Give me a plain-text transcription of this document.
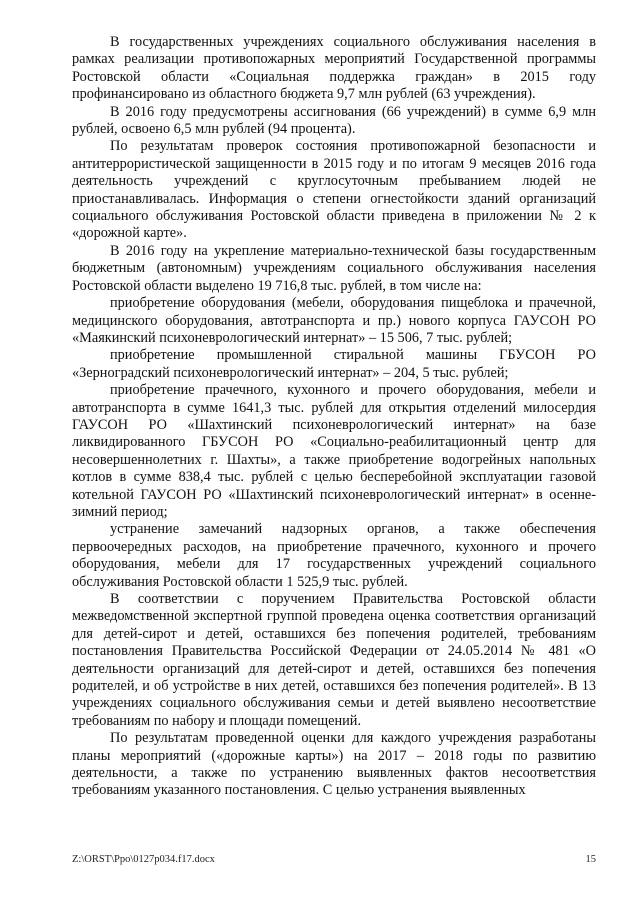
В государственных учреждениях социального обслуживания населения в рамках реализации противопожарных мероприятий Государственной программы Ростовской области «Социальная поддержка граждан» в 2015 году профинансировано из областного бюджета 9,7 млн рублей (63 учреждения).

В 2016 году предусмотрены ассигнования (66 учреждений) в сумме 6,9 млн рублей, освоено 6,5 млн рублей (94 процента).

По результатам проверок состояния противопожарной безопасности и антитеррористической защищенности в 2015 году и по итогам 9 месяцев 2016 года деятельность учреждений с круглосуточным пребыванием людей не приостанавливалась. Информация о степени огнестойкости зданий организаций социального обслуживания Ростовской области приведена в приложении № 2 к «дорожной карте».

В 2016 году на укрепление материально-технической базы государственным бюджетным (автономным) учреждениям социального обслуживания населения Ростовской области выделено 19 716,8 тыс. рублей, в том числе на:

приобретение оборудования (мебели, оборудования пищеблока и прачечной, медицинского оборудования, автотранспорта и пр.) нового корпуса ГАУСОН РО «Маякинский психоневрологический интернат» – 15 506, 7 тыс. рублей;

приобретение промышленной стиральной машины ГБУСОН РО «Зерноградский психоневрологический интернат» – 204, 5 тыс. рублей;

приобретение прачечного, кухонного и прочего оборудования, мебели и автотранспорта в сумме 1641,3 тыс. рублей для открытия отделений милосердия ГАУСОН РО «Шахтинский психоневрологический интернат» на базе ликвидированного ГБУСОН РО «Социально-реабилитационный центр для несовершеннолетних г. Шахты», а также приобретение водогрейных напольных котлов в сумме 838,4 тыс. рублей с целью бесперебойной эксплуатации газовой котельной ГАУСОН РО «Шахтинский психоневрологический интернат» в осенне-зимний период;

устранение замечаний надзорных органов, а также обеспечения первоочередных расходов, на приобретение прачечного, кухонного и прочего оборудования, мебели для 17 государственных учреждений социального обслуживания Ростовской области 1 525,9 тыс. рублей.

В соответствии с поручением Правительства Ростовской области межведомственной экспертной группой проведена оценка соответствия организаций для детей-сирот и детей, оставшихся без попечения родителей, требованиям постановления Правительства Российской Федерации от 24.05.2014 № 481 «О деятельности организаций для детей-сирот и детей, оставшихся без попечения родителей, и об устройстве в них детей, оставшихся без попечения родителей». В 13 учреждениях социального обслуживания семьи и детей выявлено несоответствие требованиям по набору и площади помещений.

По результатам проведенной оценки для каждого учреждения разработаны планы мероприятий («дорожные карты») на 2017 – 2018 годы по развитию деятельности, а также по устранению выявленных фактов несоответствия требованиям указанного постановления. С целью устранения выявленных

Z:\ORST\Ppo\0127p034.f17.docx	15
